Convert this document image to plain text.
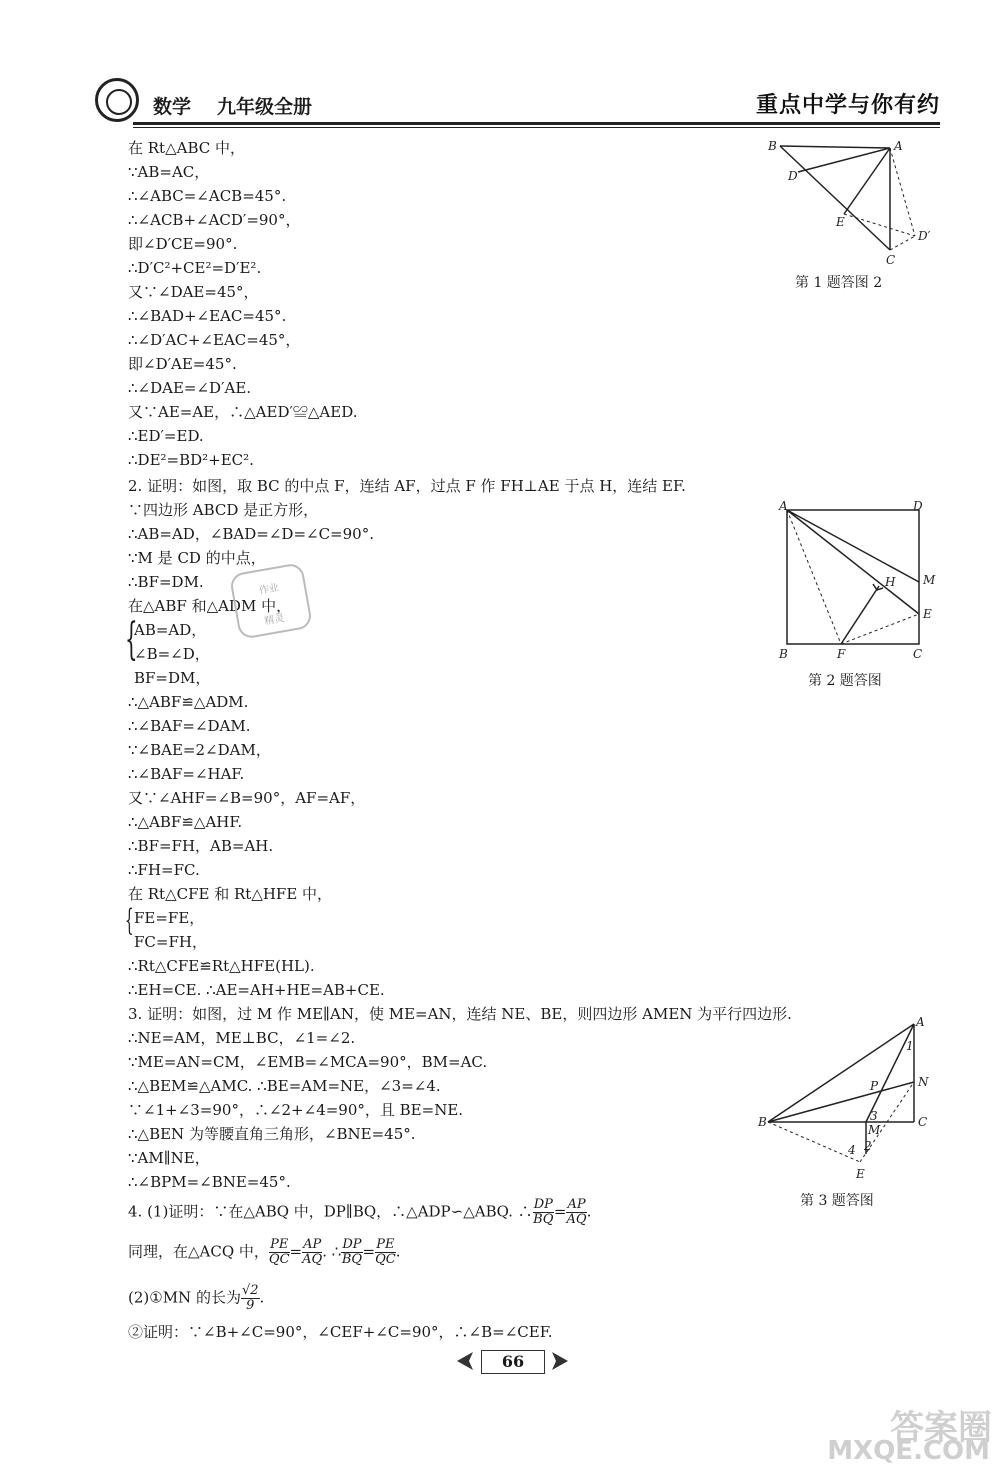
数学 九年级全册	重点中学与你有约
在 Rt△ABC 中，
∵AB=AC，
∴∠ABC=∠ACB=45°.
∴∠ACB+∠ACD′=90°，
即∠D′CE=90°.
∴D′C²+CE²=D′E².
又∵∠DAE=45°，
∴∠BAD+∠EAC=45°.
∴∠D′AC+∠EAC=45°，
即∠D′AE=45°.
∴∠DAE=∠D′AE.
又∵AE=AE，∴△AED′≌△AED.
∴ED′=ED.
∴DE²=BD²+EC².
2. 证明：如图，取 BC 的中点 F，连结 AF，过点 F 作 FH⊥AE 于点 H，连结 EF.
∵四边形 ABCD 是正方形，
∴AB=AD，∠BAD=∠D=∠C=90°.
∵M 是 CD 的中点，
∴BF=DM.
在△ABF 和△ADM 中，
{
AB=AD，
∠B=∠D，
BF=DM，
∴△ABF≌△ADM.
∴∠BAF=∠DAM.
∵∠BAE=2∠DAM，
∴∠BAF=∠HAF.
又∵∠AHF=∠B=90°，AF=AF，
∴△ABF≌△AHF.
∴BF=FH，AB=AH.
∴FH=FC.
在 Rt△CFE 和 Rt△HFE 中，
{ FE=FE，
FC=FH，
∴Rt△CFE≌Rt△HFE(HL).
∴EH=CE. ∴AE=AH+HE=AB+CE.
3. 证明：如图，过 M 作 ME∥AN，使 ME=AN，连结 NE、BE，则四边形 AMEN 为平行四边形.
∴NE=AM，ME⊥BC，∠1=∠2.
∵ME=AN=CM，∠EMB=∠MCA=90°，BM=AC.
∴△BEM≌△AMC. ∴BE=AM=NE，∠3=∠4.
∵∠1+∠3=90°，∴∠2+∠4=90°，且 BE=NE.
∴△BEN 为等腰直角三角形，∠BNE=45°.
∵AM∥NE，
∴∠BPM=∠BNE=45°.
4. (1)证明：∵在△ABQ 中，DP∥BQ，∴△ADP∽△ABQ. ∴ $\frac{DP}{BQ} = \frac{AP}{AQ}$ .
同理，在△ACQ 中， $\frac{PE}{QC} = \frac{AP}{AQ}$ . ∴ $\frac{DP}{BQ} = \frac{PE}{QC}$ .
(2)①MN 的长为 $\frac{√2}{9}$ .
②证明：∵∠B+∠C=90°，∠CEF+∠C=90°，∴∠B=∠CEF.
作业
精灵
B	A
D
E
D′
C
第 1 题答图 2
A	D
H M
E
B	F	C
第 2 题答图
A
1
N
P
B	3
M
C
4 2
E
第 3 题答图
66
答案圈
MXQE.COM
